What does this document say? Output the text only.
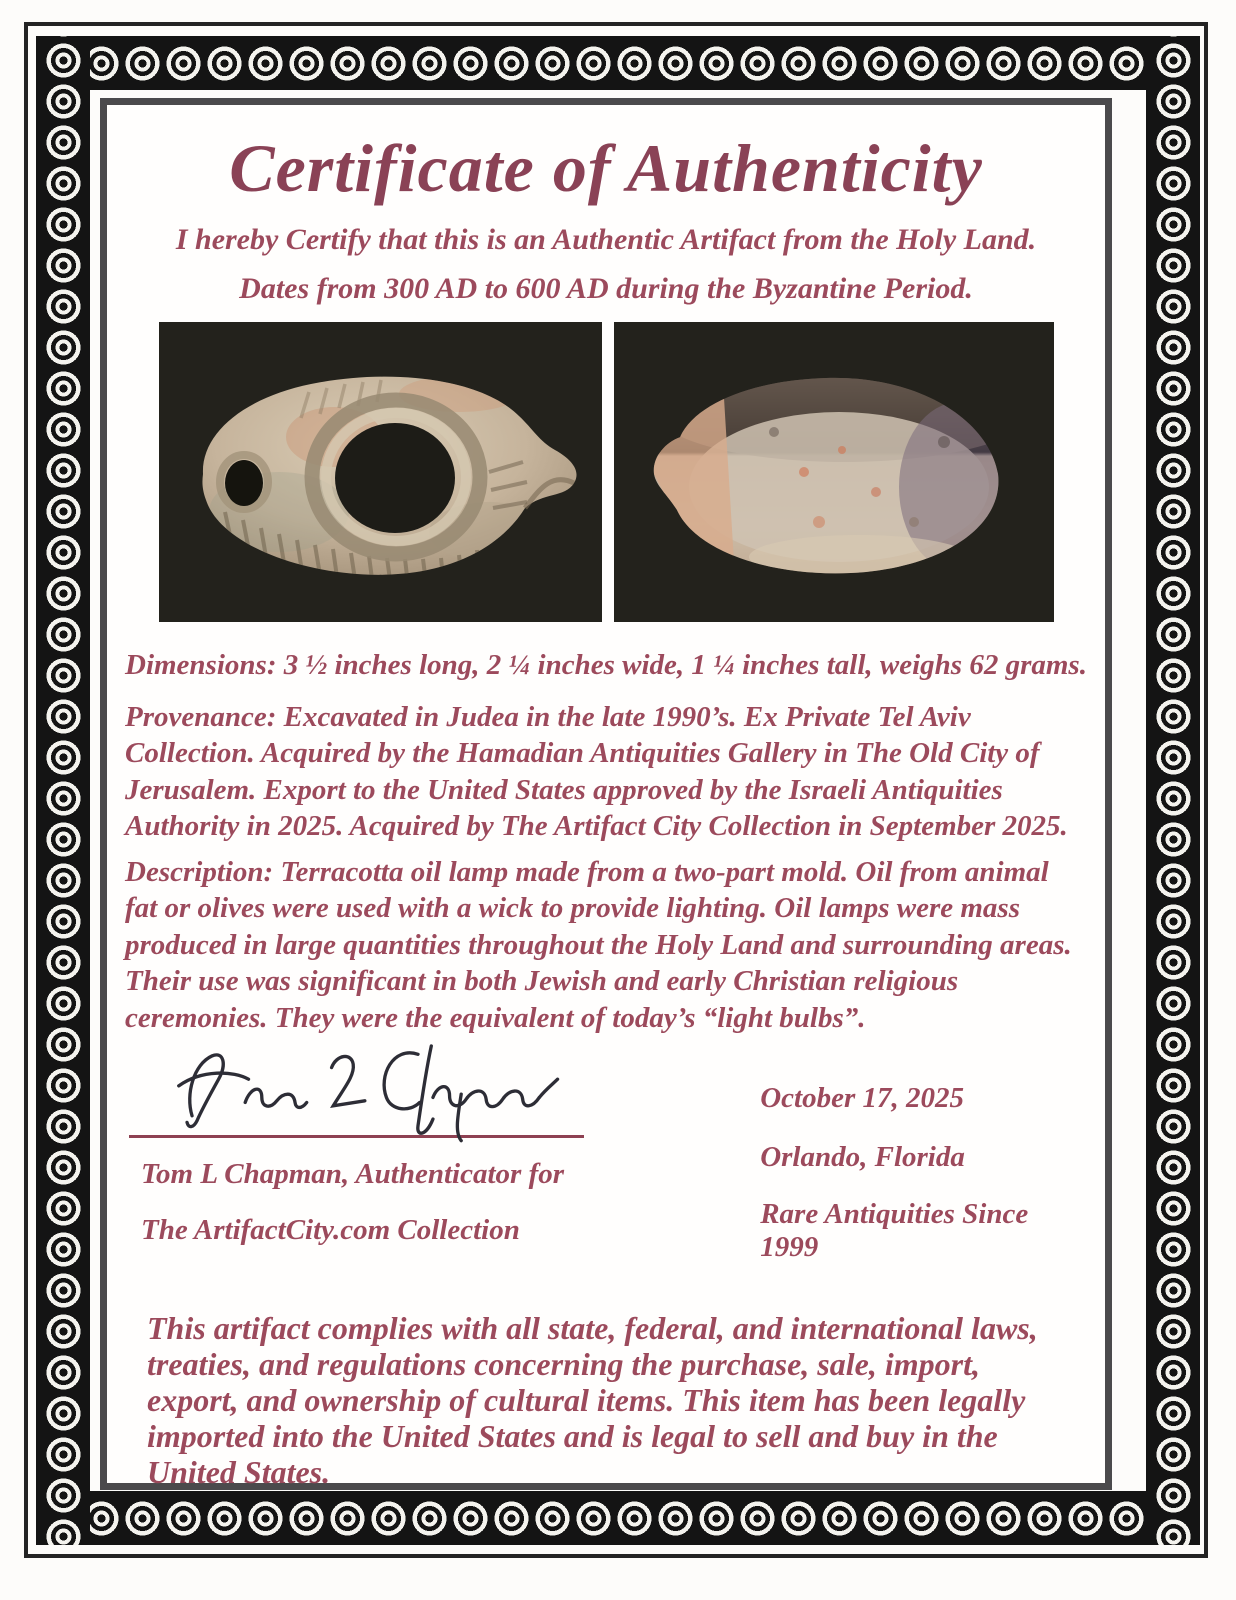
Certificate of Authenticity
I hereby Certify that this is an Authentic Artifact from the Holy Land.
Dates from 300 AD to 600 AD during the Byzantine Period.

Dimensions: 3 ½ inches long, 2 ¼ inches wide, 1 ¼ inches tall, weighs 62 grams.

Provenance: Excavated in Judea in the late 1990’s. Ex Private Tel Aviv Collection. Acquired by the Hamadian Antiquities Gallery in The Old City of Jerusalem. Export to the United States approved by the Israeli Antiquities Authority in 2025. Acquired by The Artifact City Collection in September 2025.

Description: Terracotta oil lamp made from a two-part mold. Oil from animal fat or olives were used with a wick to provide lighting. Oil lamps were mass produced in large quantities throughout the Holy Land and surrounding areas. Their use was significant in both Jewish and early Christian religious ceremonies. They were the equivalent of today’s “light bulbs”.

Tom L Chapman, Authenticator for

The ArtifactCity.com Collection

October 17, 2025

Orlando, Florida

Rare Antiquities Since 1999

This artifact complies with all state, federal, and international laws, treaties, and regulations concerning the purchase, sale, import, export, and ownership of cultural items. This item has been legally imported into the United States and is legal to sell and buy in the United States.
